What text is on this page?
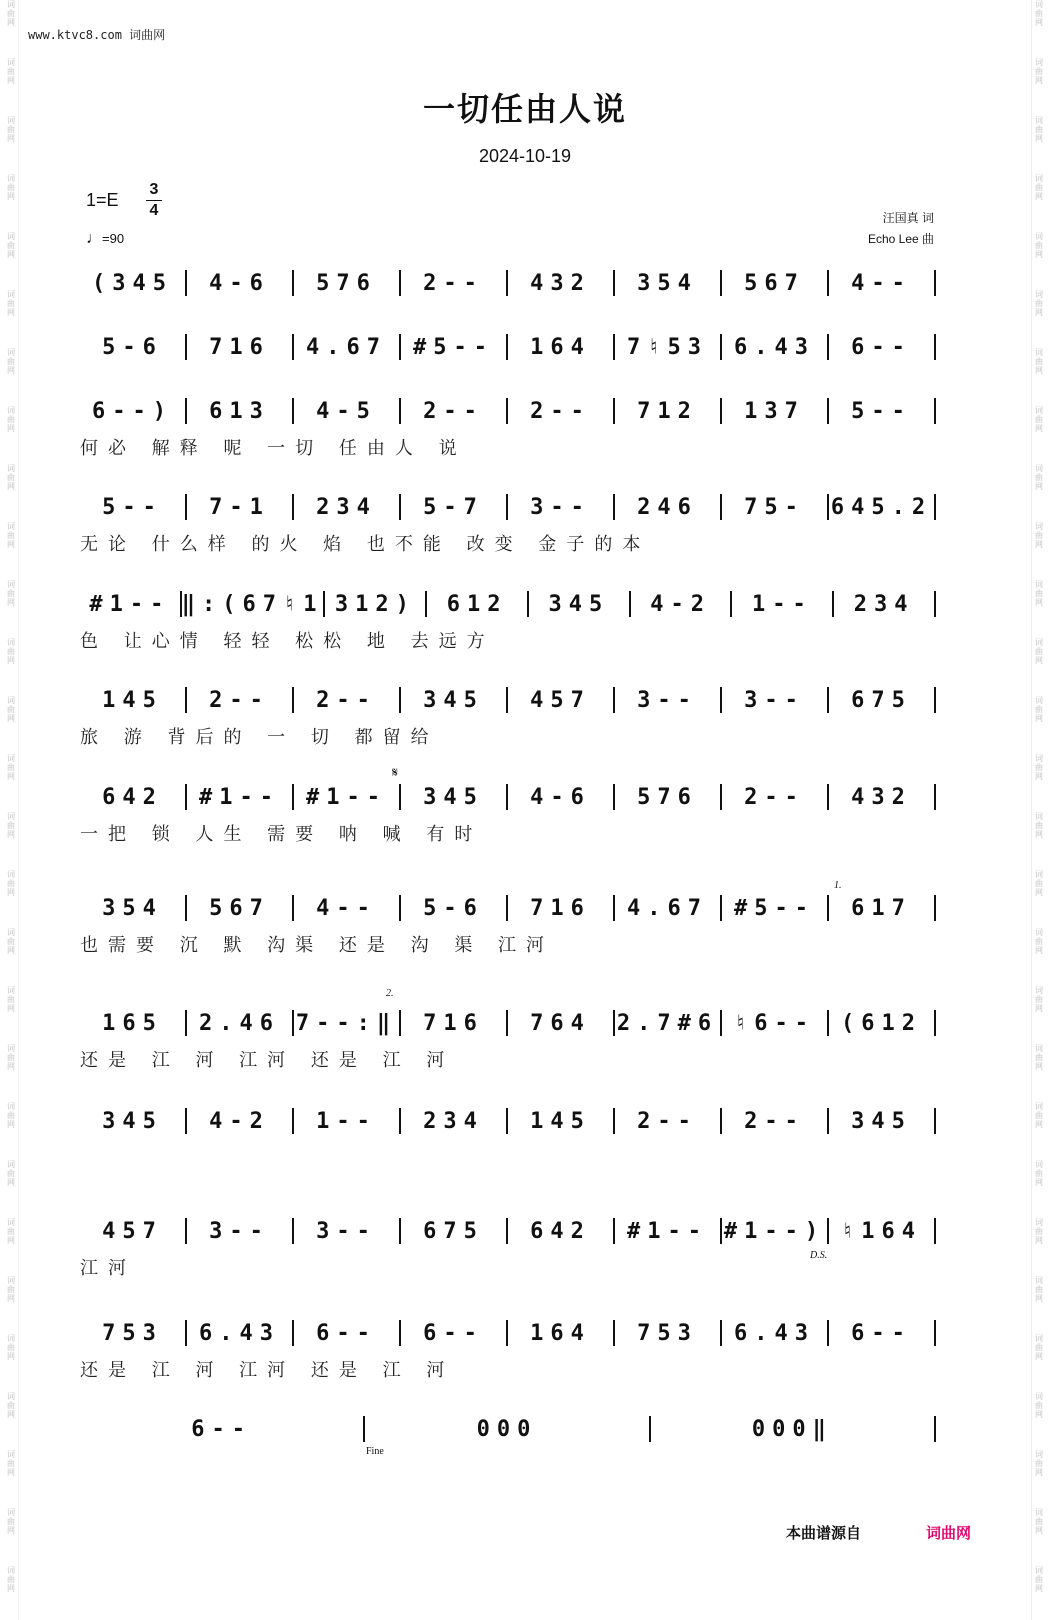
词曲网
词曲网
词曲网
词曲网
词曲网
词曲网
词曲网
词曲网
词曲网
词曲网
词曲网
词曲网
词曲网
词曲网
词曲网
词曲网
词曲网
词曲网
词曲网
词曲网
词曲网
词曲网
词曲网
词曲网
词曲网
词曲网
词曲网
词曲网
词曲网
词曲网
词曲网
词曲网
词曲网
词曲网
词曲网
词曲网
词曲网
词曲网
词曲网
词曲网
词曲网
词曲网
词曲网
词曲网
词曲网
词曲网
词曲网
词曲网
词曲网
词曲网
词曲网
词曲网
词曲网
词曲网
词曲网
词曲网
www.ktvc8.com 词曲网
一切任由人说
2024-10-19
1=E
3
4
♩=90
汪国真 词
Echo Lee 曲
(345	4-6	576	2--	432	354	567	4--
5-6	716	4.67	#5--	164	7♮53	6.43	6--
6--)	613	4-5	2--	2--	712	137	5--
何必 解释 呢 一切 任由人 说
5--	7-1	234	5-7	3--	246	75-	645.2
无论 什么样 的火 焰 也不能 改变 金子的本
#1-- ‖:(67♮1 312)	612	345	4-2	1--	234
色 让心情 轻轻 松松 地 去远方
145	2--	2--	345	457	3--	3--	675
旅 游 背后的 一 切 都留给
642	#1--	#1--	345	4-6	576	2--	432
一把 锁 人生 需要 呐 喊 有时
354	567	4--	5-6	716	4.67	#5--	617
也需要 沉 默 沟渠 还是 沟 渠 江河
165	2.46 7--:‖	716	764	2.7#6 ♮6--	(612
还是 江 河 江河 还是 江 河
345	4-2	1--	234	145	2--	2--	345
457	3--	3--	675	642	#1-- #1--) ♮164
江河
753	6.43	6--	6--	164	753	6.43	6--
还是 江 河 江河 还是 江 河
6--	000	000‖
𝄋
1.
2.
D.S.
Fine
本曲谱源自	词曲网
